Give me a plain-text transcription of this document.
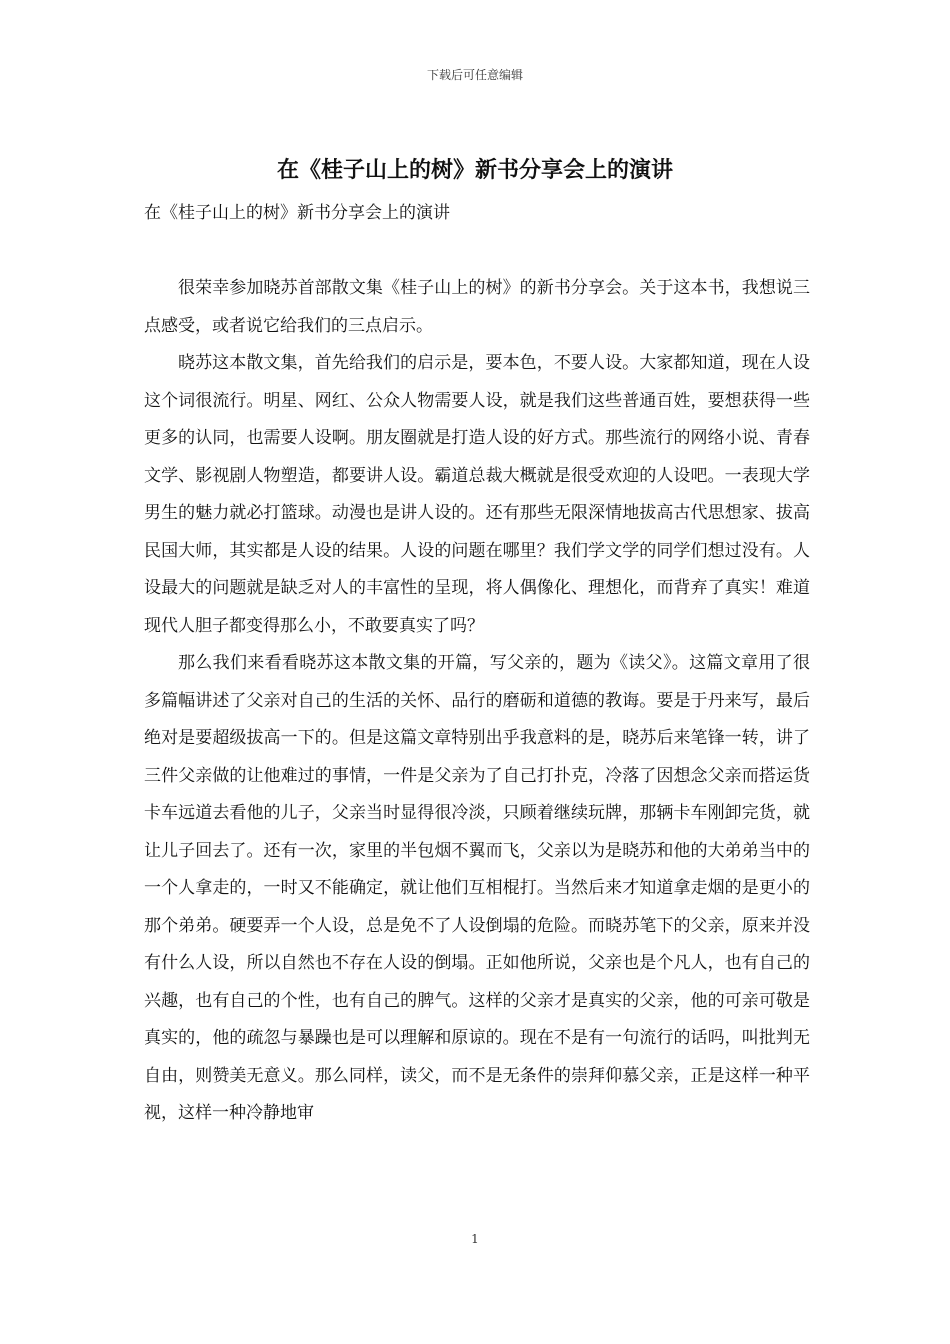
下载后可任意编辑
在《桂子山上的树》新书分享会上的演讲

在《桂子山上的树》新书分享会上的演讲

很荣幸参加晓苏首部散文集《桂子山上的树》的新书分享会。关于这本书，我想说三点感受，或者说它给我们的三点启示。

晓苏这本散文集，首先给我们的启示是，要本色，不要人设。大家都知道，现在人设这个词很流行。明星、网红、公众人物需要人设，就是我们这些普通百姓，要想获得一些更多的认同，也需要人设啊。朋友圈就是打造人设的好方式。那些流行的网络小说、青春文学、影视剧人物塑造，都要讲人设。霸道总裁大概就是很受欢迎的人设吧。一表现大学男生的魅力就必打篮球。动漫也是讲人设的。还有那些无限深情地拔高古代思想家、拔高民国大师，其实都是人设的结果。人设的问题在哪里？我们学文学的同学们想过没有。人设最大的问题就是缺乏对人的丰富性的呈现，将人偶像化、理想化，而背弃了真实！难道现代人胆子都变得那么小，不敢要真实了吗？

那么我们来看看晓苏这本散文集的开篇，写父亲的，题为《读父》。这篇文章用了很多篇幅讲述了父亲对自己的生活的关怀、品行的磨砺和道德的教诲。要是于丹来写，最后绝对是要超级拔高一下的。但是这篇文章特别出乎我意料的是，晓苏后来笔锋一转，讲了三件父亲做的让他难过的事情，一件是父亲为了自己打扑克，冷落了因想念父亲而搭运货卡车远道去看他的儿子，父亲当时显得很冷淡，只顾着继续玩牌，那辆卡车刚卸完货，就让儿子回去了。还有一次，家里的半包烟不翼而飞，父亲以为是晓苏和他的大弟弟当中的一个人拿走的，一时又不能确定，就让他们互相棍打。当然后来才知道拿走烟的是更小的那个弟弟。硬要弄一个人设，总是免不了人设倒塌的危险。而晓苏笔下的父亲，原来并没有什么人设，所以自然也不存在人设的倒塌。正如他所说，父亲也是个凡人，也有自己的兴趣，也有自己的个性，也有自己的脾气。这样的父亲才是真实的父亲，他的可亲可敬是真实的，他的疏忽与暴躁也是可以理解和原谅的。现在不是有一句流行的话吗，叫批判无自由，则赞美无意义。那么同样，读父，而不是无条件的崇拜仰慕父亲，正是这样一种平视，这样一种冷静地审

1
